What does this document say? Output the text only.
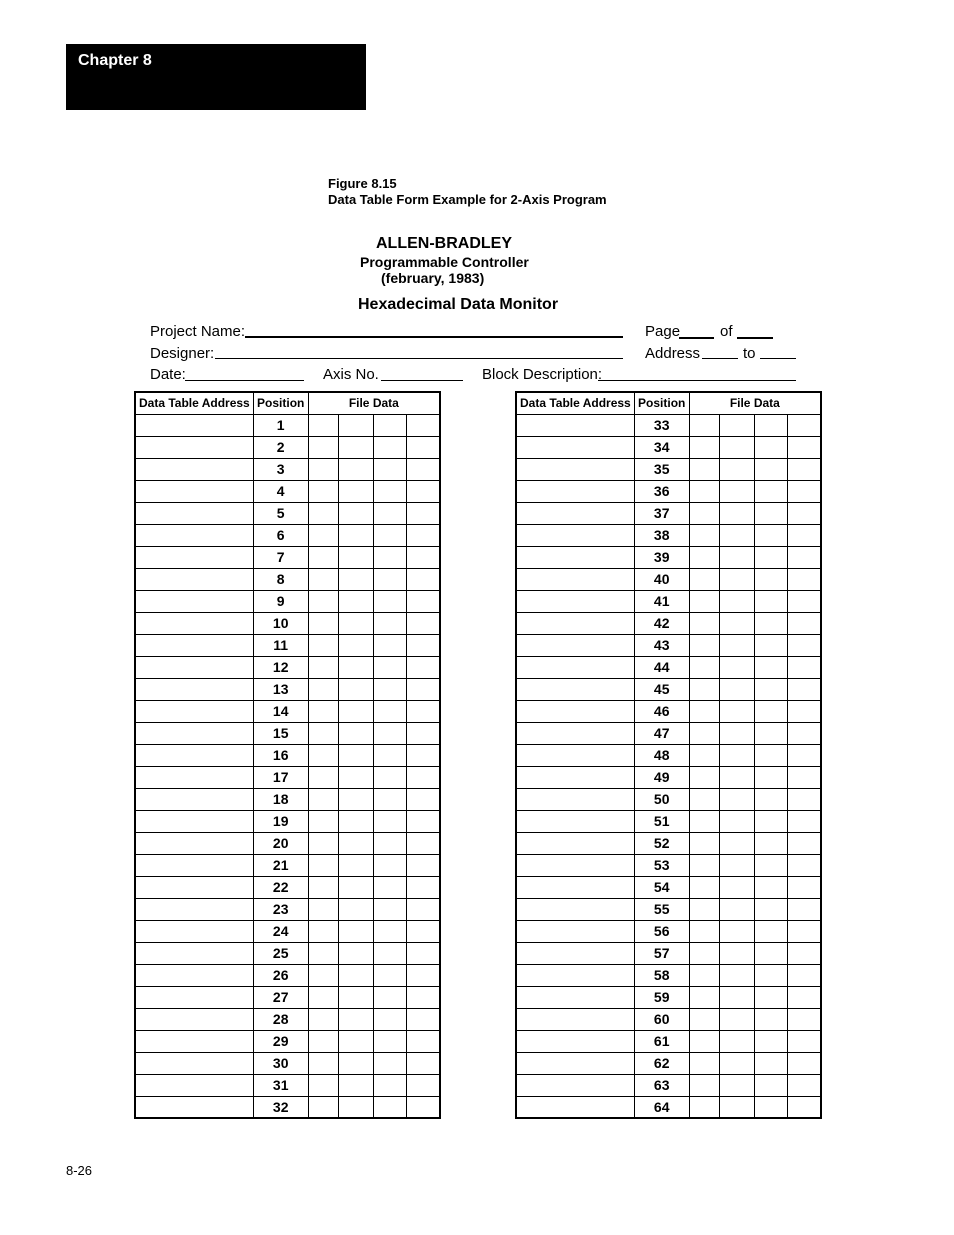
Chapter 8
Figure 8.15
Data Table Form Example for 2-Axis Program
ALLEN-BRADLEY
Programmable Controller
(february, 1983)
Hexadecimal Data Monitor
Project Name:	Page	of
Designer:	Address	to
Date:	Axis No.	Block Description:
Data Table Address	Position	File Data			
	1				
	2				
	3				
	4				
	5				
	6				
	7				
	8				
	9				
	10				
	11				
	12				
	13				
	14				
	15				
	16				
	17				
	18				
	19				
	20				
	21				
	22				
	23				
	24				
	25				
	26				
	27				
	28				
	29				
	30				
	31				
	32				
Data Table Address	Position	File Data			
	33				
	34				
	35				
	36				
	37				
	38				
	39				
	40				
	41				
	42				
	43				
	44				
	45				
	46				
	47				
	48				
	49				
	50				
	51				
	52				
	53				
	54				
	55				
	56				
	57				
	58				
	59				
	60				
	61				
	62				
	63				
	64				
8-26
